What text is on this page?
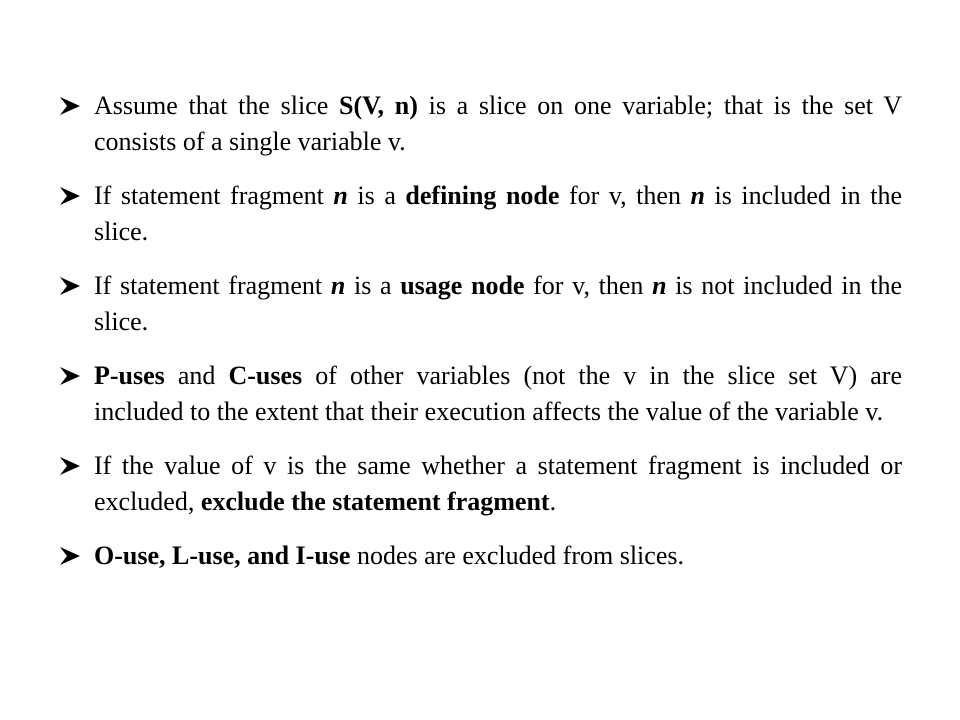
Assume that the slice S(V, n) is a slice on one variable; that is the set V consists of a single variable v.
If statement fragment n is a defining node for v, then n is included in the slice.
If statement fragment n is a usage node for v, then n is not included in the slice.
P-uses and C-uses of other variables (not the v in the slice set V) are included to the extent that their execution affects the value of the variable v.
If the value of v is the same whether a statement fragment is included or excluded, exclude the statement fragment.
O-use, L-use, and I-use nodes are excluded from slices.
